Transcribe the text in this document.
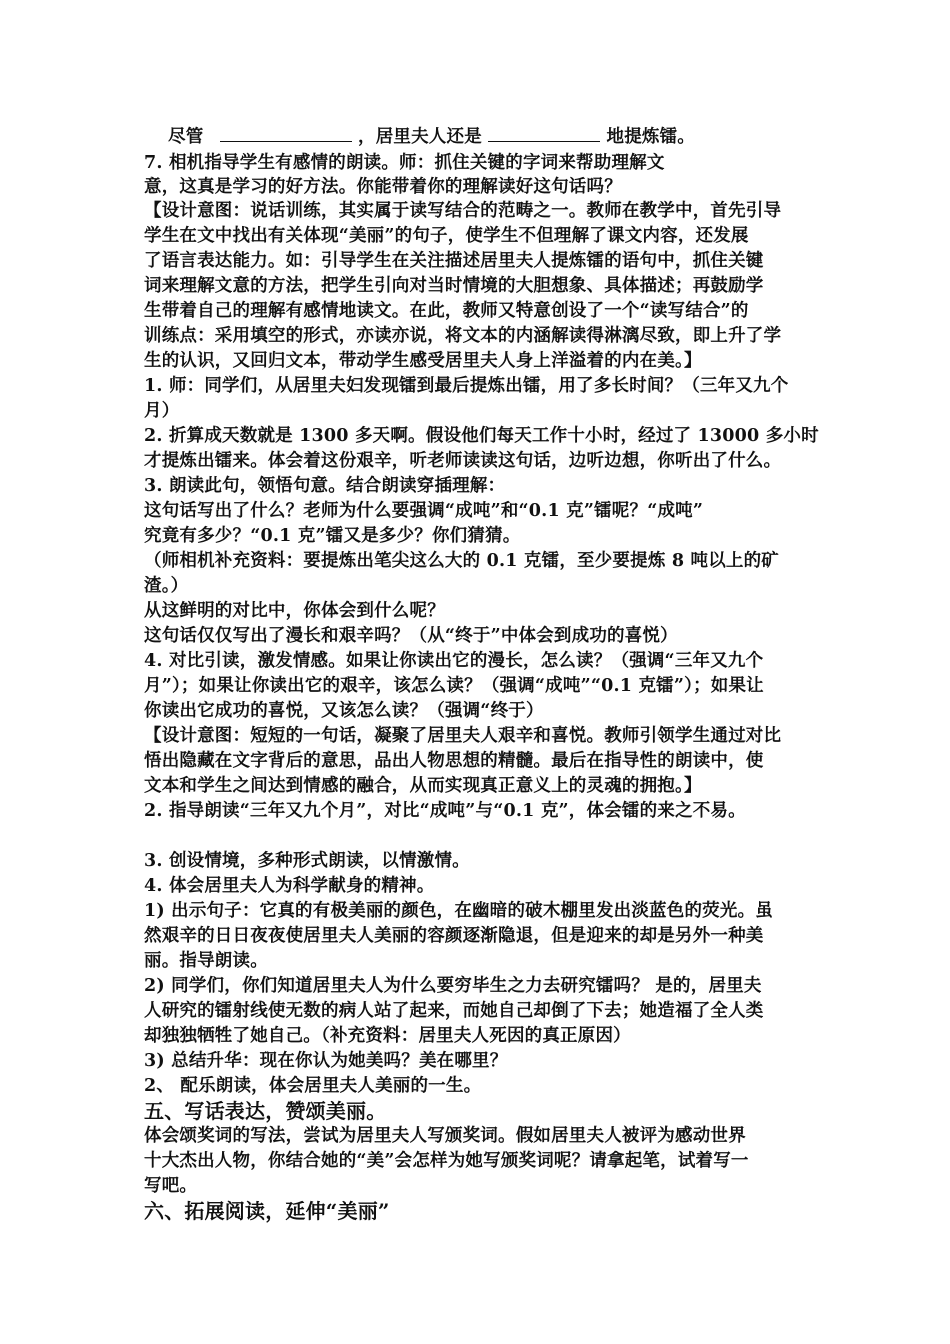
尽管	，居里夫人还是	地提炼镭。
7. 相机指导学生有感情的朗读。师：抓住关键的字词来帮助理解文
意，这真是学习的好方法。你能带着你的理解读好这句话吗？
【设计意图：说话训练，其实属于读写结合的范畴之一。教师在教学中，首先引导
学生在文中找出有关体现“美丽”的句子，使学生不但理解了课文内容，还发展
了语言表达能力。如：引导学生在关注描述居里夫人提炼镭的语句中，抓住关键
词来理解文意的方法，把学生引向对当时情境的大胆想象、具体描述；再鼓励学
生带着自己的理解有感情地读文。在此，教师又特意创设了一个“读写结合”的
训练点：采用填空的形式，亦读亦说，将文本的内涵解读得淋漓尽致，即上升了学
生的认识，又回归文本，带动学生感受居里夫人身上洋溢着的内在美。】
1. 师：同学们，从居里夫妇发现镭到最后提炼出镭，用了多长时间？（三年又九个
月）
2. 折算成天数就是 1300 多天啊。假设他们每天工作十小时，经过了 13000 多小时
才提炼出镭来。体会着这份艰辛，听老师读读这句话，边听边想，你听出了什么。
3. 朗读此句，领悟句意。结合朗读穿插理解：
这句话写出了什么？老师为什么要强调“成吨”和“0.1 克”镭呢？“成吨”
究竟有多少？“0.1 克”镭又是多少？你们猜猜。
（师相机补充资料：要提炼出笔尖这么大的 0.1 克镭，至少要提炼 8 吨以上的矿
渣。）
从这鲜明的对比中，你体会到什么呢？
这句话仅仅写出了漫长和艰辛吗？（从“终于”中体会到成功的喜悦）
4. 对比引读，激发情感。如果让你读出它的漫长，怎么读？（强调“三年又九个
月”）；如果让你读出它的艰辛，该怎么读？（强调“成吨”“0.1 克镭”）；如果让
你读出它成功的喜悦，又该怎么读？（强调“终于）
【设计意图：短短的一句话，凝聚了居里夫人艰辛和喜悦。教师引领学生通过对比
悟出隐藏在文字背后的意思，品出人物思想的精髓。最后在指导性的朗读中，使
文本和学生之间达到情感的融合，从而实现真正意义上的灵魂的拥抱。】
2. 指导朗读“三年又九个月”，对比“成吨”与“0.1 克”，体会镭的来之不易。
3. 创设情境，多种形式朗读，以情激情。
4. 体会居里夫人为科学献身的精神。
1) 出示句子：它真的有极美丽的颜色，在幽暗的破木棚里发出淡蓝色的荧光。虽
然艰辛的日日夜夜使居里夫人美丽的容颜逐渐隐退，但是迎来的却是另外一种美
丽。指导朗读。
2) 同学们，你们知道居里夫人为什么要穷毕生之力去研究镭吗？ 是的，居里夫
人研究的镭射线使无数的病人站了起来，而她自己却倒了下去；她造福了全人类
却独独牺牲了她自己。（补充资料：居里夫人死因的真正原因）
3) 总结升华：现在你认为她美吗？美在哪里？
2、 配乐朗读，体会居里夫人美丽的一生。
五、写话表达，赞颂美丽。
体会颂奖词的写法，尝试为居里夫人写颁奖词。假如居里夫人被评为感动世界
十大杰出人物，你结合她的“美”会怎样为她写颁奖词呢？请拿起笔，试着写一
写吧。
六、拓展阅读，延伸“美丽”
